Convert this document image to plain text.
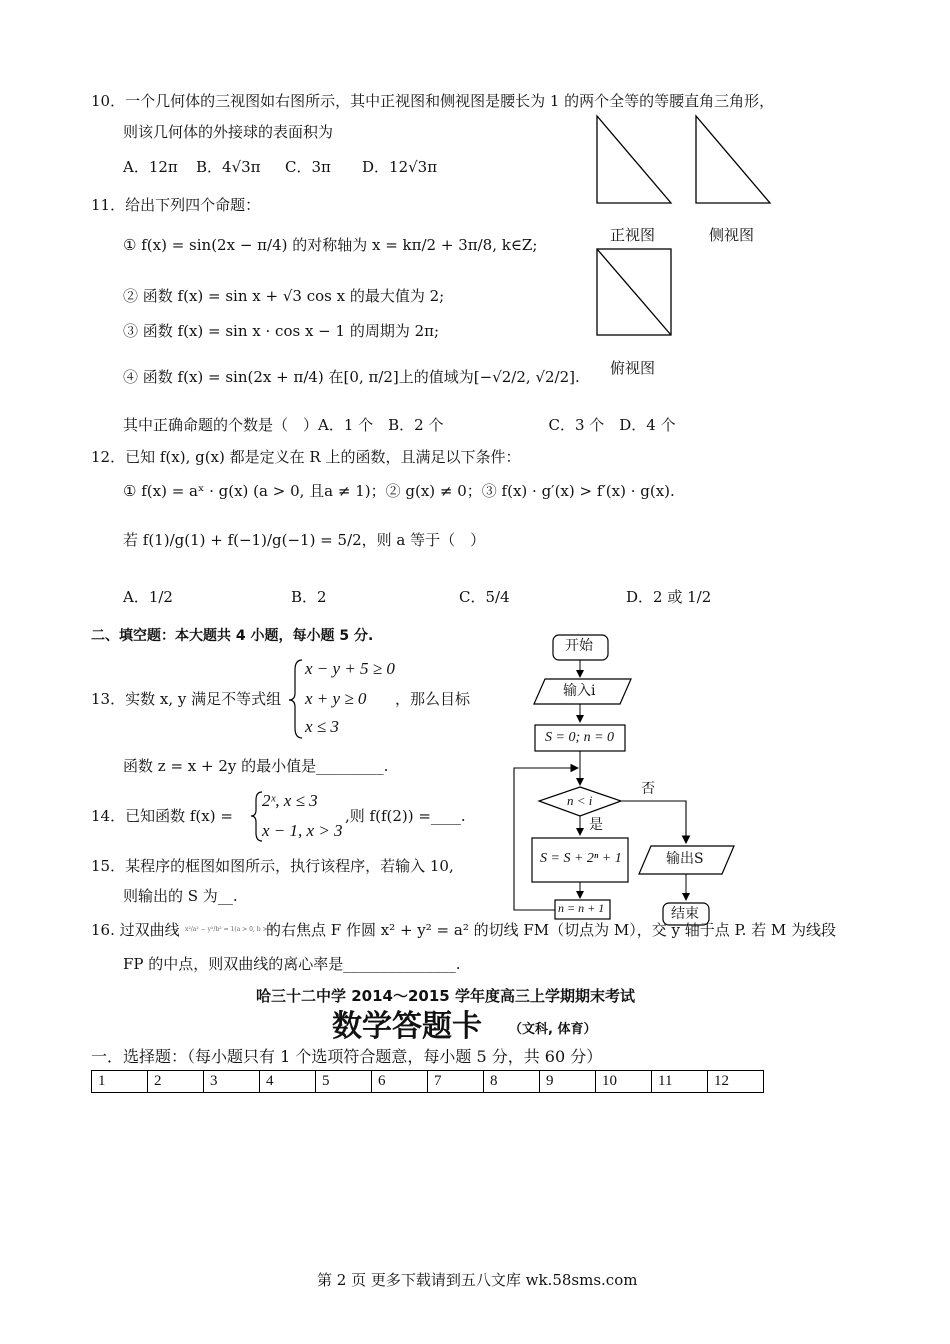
10．一个几何体的三视图如右图所示，其中正视图和侧视图是腰长为 1 的两个全等的等腰直角三角形，
则该几何体的外接球的表面积为
A．12π B．4√3π C．3π D．12√3π
正视图	侧视图
俯视图
11．给出下列四个命题：
① f(x) = sin(2x − π/4) 的对称轴为 x = kπ/2 + 3π/8, k∈Z;
② 函数 f(x) = sin x + √3 cos x 的最大值为 2;
③ 函数 f(x) = sin x · cos x − 1 的周期为 2π;
④ 函数 f(x) = sin(2x + π/4) 在[0, π/2]上的值域为[−√2/2, √2/2].
其中正确命题的个数是（　）A．1 个　B．2 个　　　　　　　C．3 个　D．4 个
12．已知 f(x), g(x) 都是定义在 R 上的函数，且满足以下条件：
① f(x) = aˣ · g(x) (a > 0, 且a ≠ 1)；② g(x) ≠ 0；③ f(x) · g′(x) > f′(x) · g(x).
若 f(1)/g(1) + f(−1)/g(−1) = 5/2，则 a 等于（　）
A．1/2	B．2	C．5/4	D．2 或 1/2
二、填空题：本大题共 4 小题，每小题 5 分.
13．实数 x, y 满足不等式组
x − y + 5 ≥ 0
x + y ≥ 0
x ≤ 3
，那么目标
函数 z = x + 2y 的最小值是_________.
14．已知函数 f(x) =
2ˣ, x ≤ 3
x − 1, x > 3
,则 f(f(2)) =____.
15．某程序的框图如图所示，执行该程序，若输入 10,
则输出的 S 为__.
开始
输入i
S = 0; n = 0
n < i
是
否
S = S + 2ⁿ + 1
n = n + 1
输出S
结束
16. 过双曲线 x²/a² − y²/b² = 1(a > 0, b > 0)
的右焦点 F 作圆 x² + y² = a² 的切线 FM（切点为 M），交 y 轴于点 P. 若 M 为线段
FP 的中点，则双曲线的离心率是_______________.
哈三十二中学 2014～2015 学年度高三上学期期末考试
数学答题卡 （文科, 体育）
一．选择题：（每小题只有 1 个选项符合题意，每小题 5 分，共 60 分）
1	2	3	4	5	6	7	8	9	10	11	12
第 2 页 更多下载请到五八文库 wk.58sms.com
